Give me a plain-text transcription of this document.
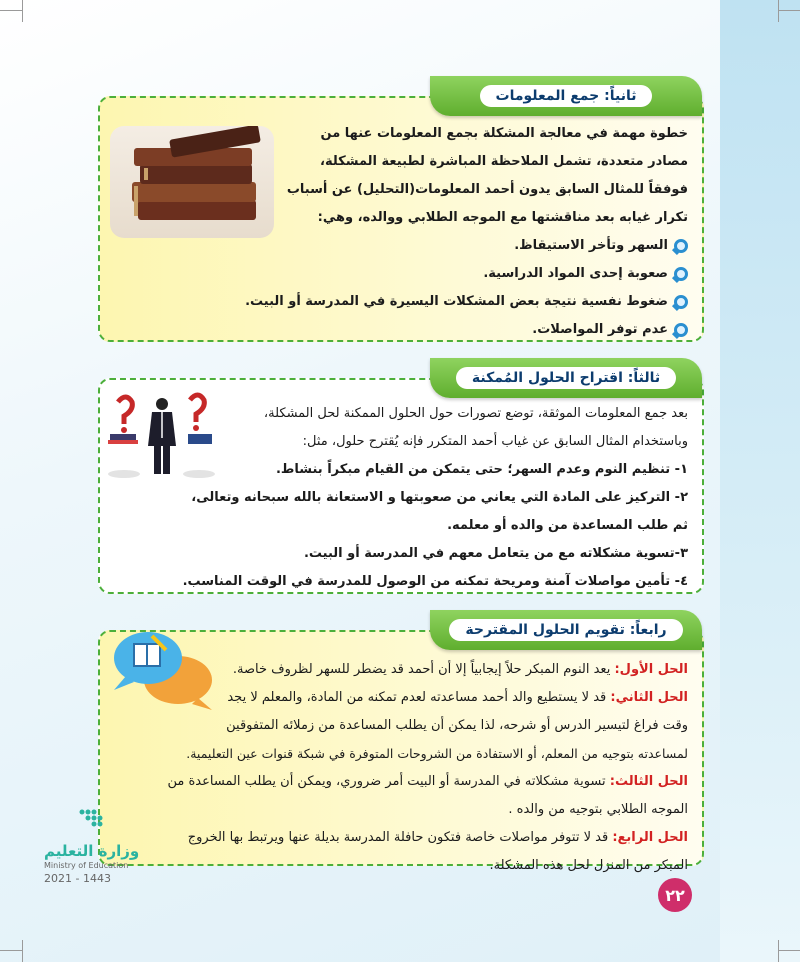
ثانياً: جمع المعلومات

خطوة مهمة في معالجة المشكلة بجمع المعلومات عنها من

مصادر متعددة، تشمل الملاحظة المباشرة لطبيعة المشكلة،

فوفقاً للمثال السابق يدون أحمد المعلومات(التحليل) عن أسباب

تكرار غيابه بعد مناقشتها مع الموجه الطلابي ووالده، وهي:

السهر وتأخر الاستيقاظ.
صعوبة إحدى المواد الدراسية.
ضغوط نفسية نتيجة بعض المشكلات اليسيرة في المدرسة أو البيت.
عدم توفر المواصلات.
ثالثاً: اقتراح الحلول المُمكنة

بعد جمع المعلومات الموثقة، توضع تصورات حول الحلول الممكنة لحل المشكلة،

وباستخدام المثال السابق عن غياب أحمد المتكرر فإنه يُقترح حلول، مثل:

١- تنظيم النوم وعدم السهر؛ حتى يتمكن من القيام مبكراً بنشاط.

٢- التركيز على المادة التي يعاني من صعوبتها و الاستعانة بالله سبحانه وتعالى،

ثم طلب المساعدة من والده أو معلمه.

٣-تسوية مشكلاته مع من يتعامل معهم في المدرسة أو البيت.

٤- تأمين مواصلات آمنة ومريحة تمكنه من الوصول للمدرسة في الوقت المناسب.

رابعاً: تقويم الحلول المقترحة

الحل الأول: يعد النوم المبكر حلاً إيجابياً إلا أن أحمد قد يضطر للسهر لظروف خاصة.

الحل الثاني: قد لا يستطيع والد أحمد مساعدته لعدم تمكنه من المادة، والمعلم لا يجد

وقت فراغ لتيسير الدرس أو شرحه، لذا يمكن أن يطلب المساعدة من زملائه المتفوقين

لمساعدته بتوجيه من المعلم، أو الاستفادة من الشروحات المتوفرة في شبكة قنوات عين التعليمية.

الحل الثالث: تسوية مشكلاته في المدرسة أو البيت أمر ضروري، ويمكن أن يطلب المساعدة من

الموجه الطلابي بتوجيه من والده .

الحل الرابع: قد لا تتوفر مواصلات خاصة فتكون حافلة المدرسة بديلة عنها ويرتبط بها الخروج

المبكر من المنزل لحل هذه المشكلة.

وزارة التعليم
Ministry of Education
2021 - 1443
٢٢
